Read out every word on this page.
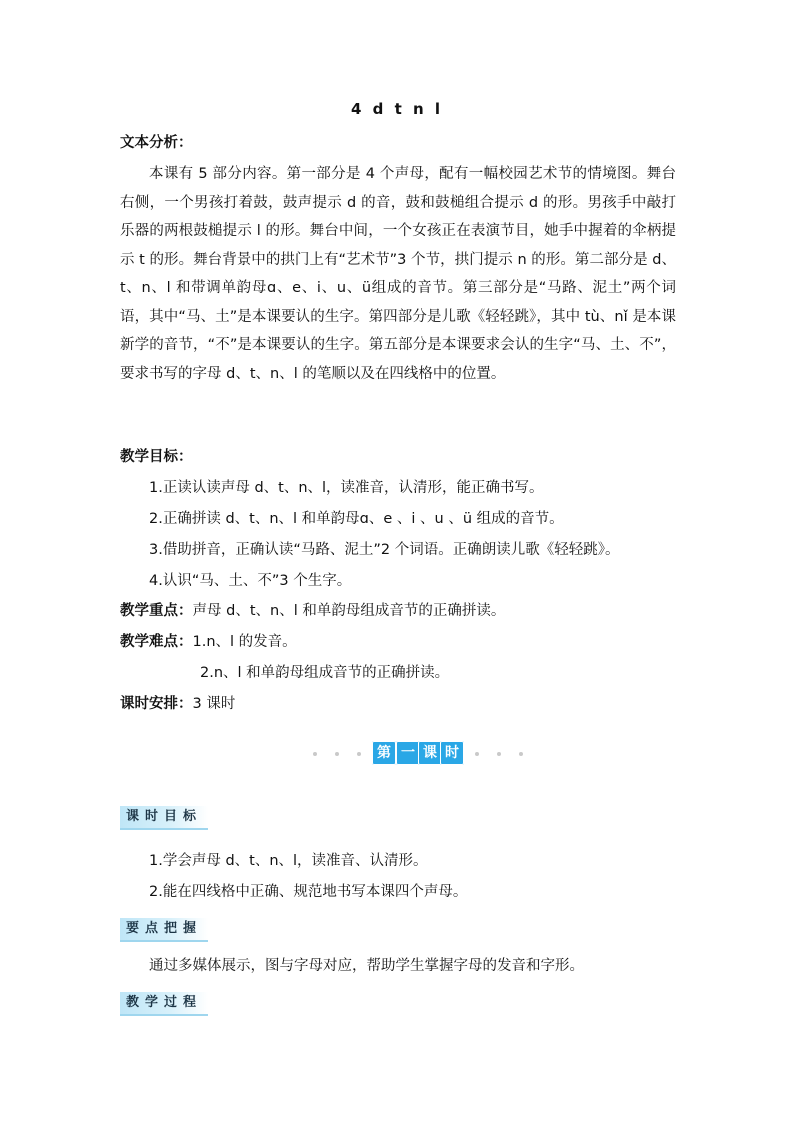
4 d t n l
文本分析：
本课有 5 部分内容。第一部分是 4 个声母，配有一幅校园艺术节的情境图。舞台右侧，一个男孩打着鼓，鼓声提示 d 的音，鼓和鼓槌组合提示 d 的形。男孩手中敲打乐器的两根鼓槌提示 l 的形。舞台中间，一个女孩正在表演节目，她手中握着的伞柄提示 t 的形。舞台背景中的拱门上有“艺术节”3 个节，拱门提示 n 的形。第二部分是 d、t、n、l 和带调单韵母ɑ、e、i、u、ü组成的音节。第三部分是“马路、泥土”两个词语，其中“马、土”是本课要认的生字。第四部分是儿歌《轻轻跳》，其中 tù、nǐ 是本课新学的音节，“不”是本课要认的生字。第五部分是本课要求会认的生字“马、土、不”，要求书写的字母 d、t、n、l 的笔顺以及在四线格中的位置。
教学目标：
1.正读认读声母 d、t、n、l，读准音，认清形，能正确书写。
2.正确拼读 d、t、n、l 和单韵母ɑ、e 、i 、u 、ü 组成的音节。
3.借助拼音，正确认读“马路、泥土”2 个词语。正确朗读儿歌《轻轻跳》。
4.认识“马、土、不”3 个生字。
教学重点：声母 d、t、n、l 和单韵母组成音节的正确拼读。
教学难点：1.n、l 的发音。
2.n、l 和单韵母组成音节的正确拼读。
课时安排：3 课时
第 一 课 时
课时目标
1.学会声母 d、t、n、l，读准音、认清形。
2.能在四线格中正确、规范地书写本课四个声母。
要点把握
通过多媒体展示，图与字母对应，帮助学生掌握字母的发音和字形。
教学过程
